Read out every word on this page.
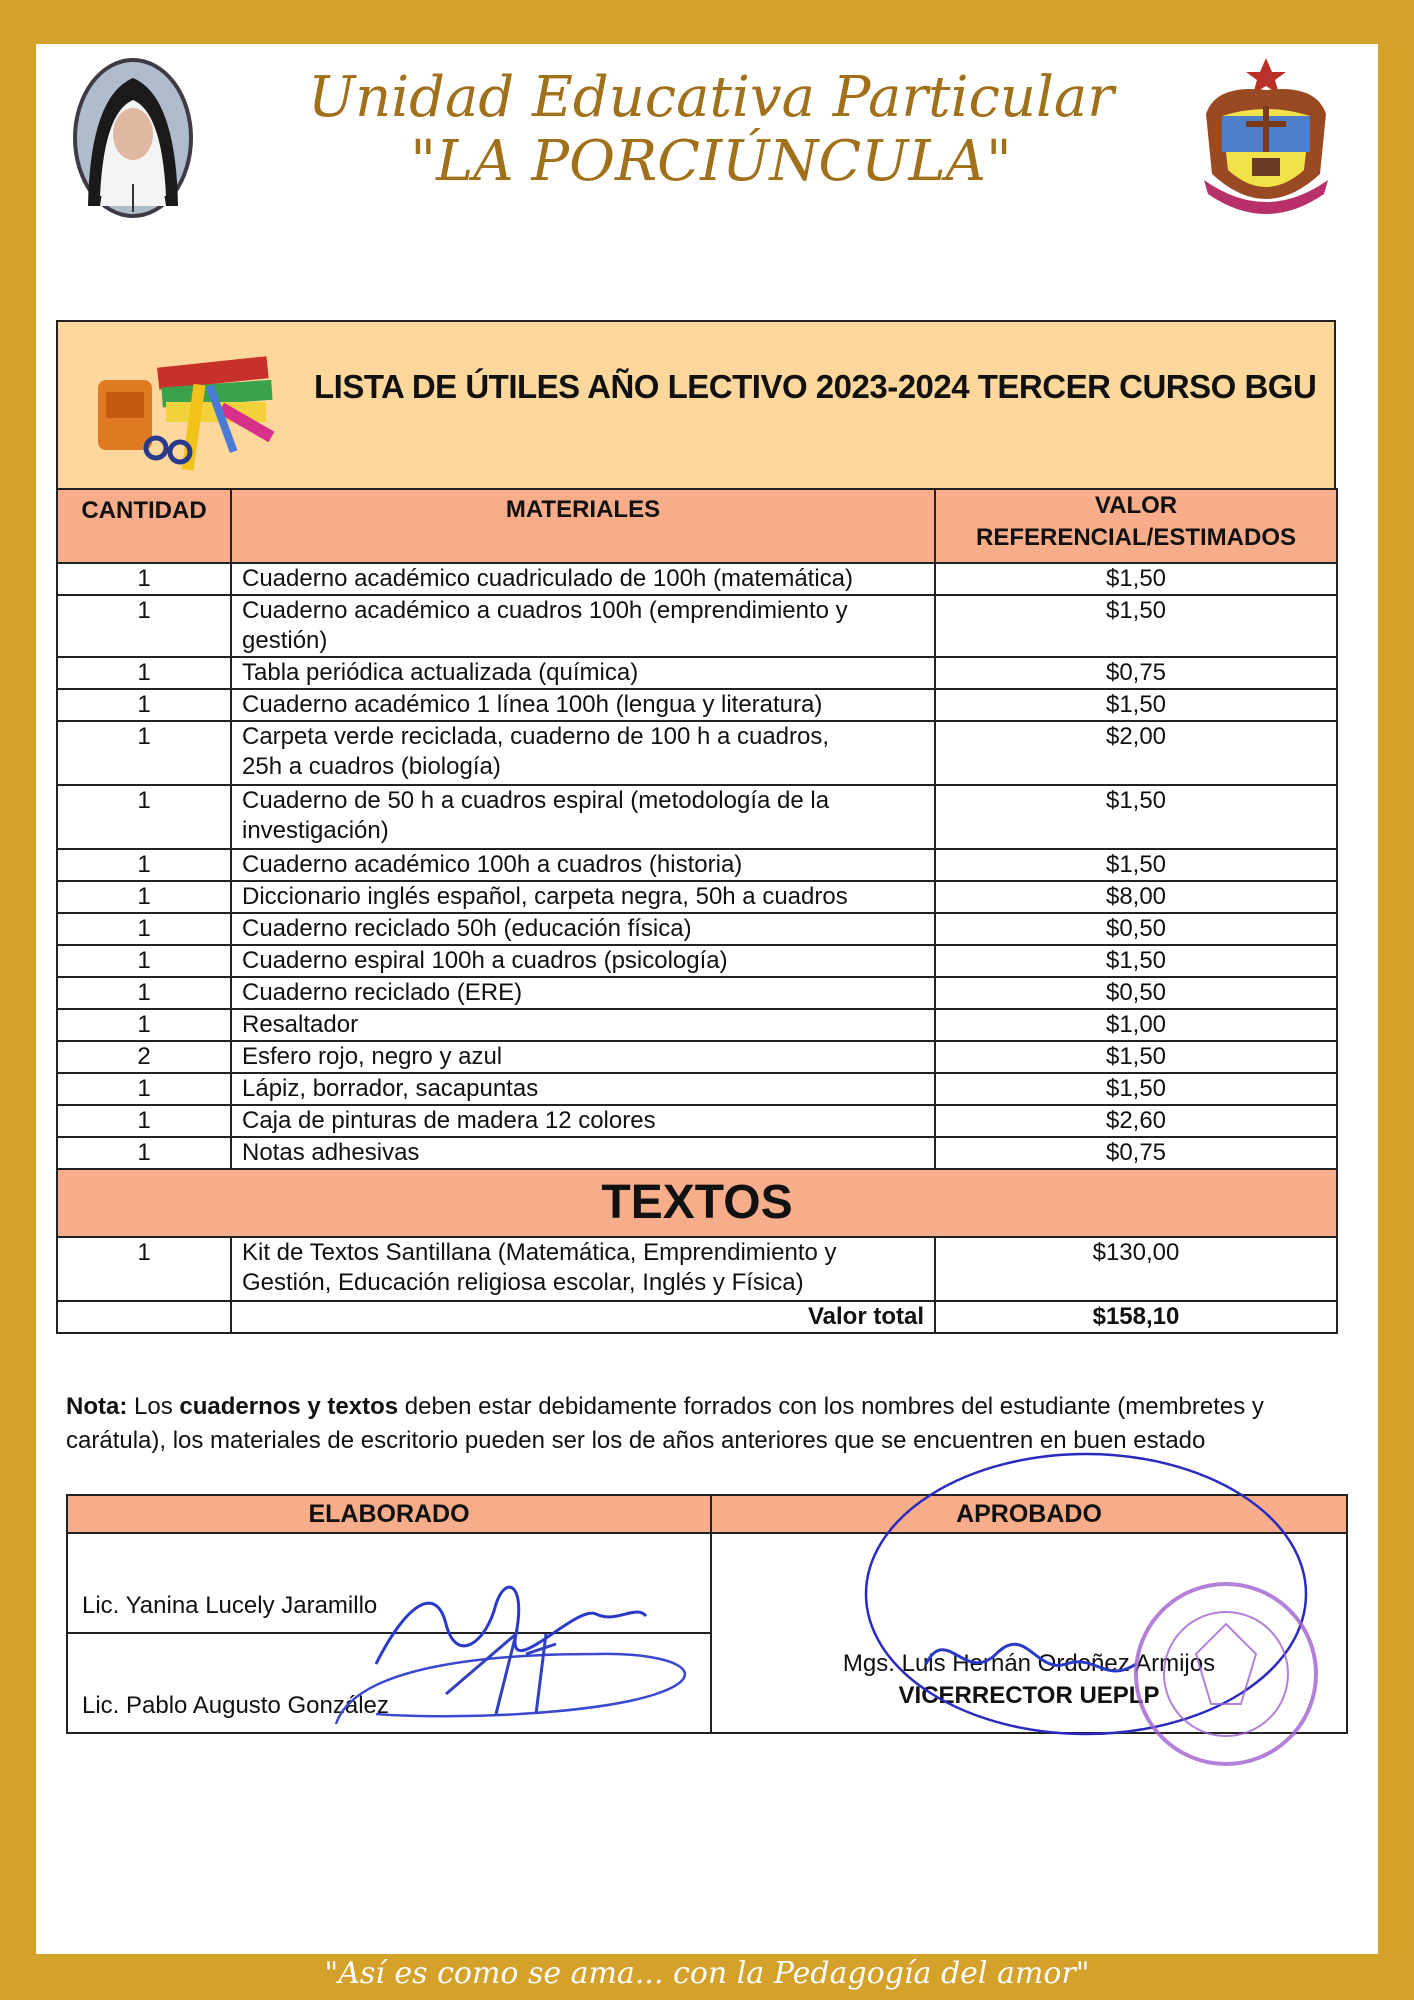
Unidad Educativa Particular
"LA PORCIÚNCULA"
LISTA DE ÚTILES AÑO LECTIVO 2023-2024 TERCER CURSO BGU
CANTIDAD	MATERIALES	VALOR
REFERENCIAL/ESTIMADOS

1	Cuaderno académico cuadriculado de 100h (matemática)	$1,50
1	Cuaderno académico a cuadros 100h (emprendimiento y gestión)	$1,50
1	Tabla periódica actualizada (química)	$0,75
1	Cuaderno académico 1 línea 100h (lengua y literatura)	$1,50
1	Carpeta verde reciclada, cuaderno de 100 h a cuadros, 25h a cuadros (biología)	$2,00
1	Cuaderno de 50 h a cuadros espiral (metodología de la investigación)	$1,50
1	Cuaderno académico 100h a cuadros (historia)	$1,50
1	Diccionario inglés español, carpeta negra, 50h a cuadros	$8,00
1	Cuaderno reciclado 50h (educación física)	$0,50
1	Cuaderno espiral 100h a cuadros (psicología)	$1,50
1	Cuaderno reciclado (ERE)	$0,50
1	Resaltador	$1,00
2	Esfero rojo, negro y azul	$1,50
1	Lápiz, borrador, sacapuntas	$1,50
1	Caja de pinturas de madera 12 colores	$2,60
1	Notas adhesivas	$0,75
TEXTOS		
1	Kit de Textos Santillana (Matemática, Emprendimiento y Gestión, Educación religiosa escolar, Inglés y Física)	$130,00
	Valor total	$158,10
Nota: Los cuadernos y textos deben estar debidamente forrados con los nombres del estudiante (membretes y carátula), los materiales de escritorio pueden ser los de años anteriores que se encuentren en buen estado
ELABORADO	APROBADO

Lic. Yanina Lucely Jaramillo	Mgs. Luis Hernán Ordoñez Armijos
VICERRECTOR UEPLP

Lic. Pablo Augusto González	
"Así es como se ama... con la Pedagogía del amor"
